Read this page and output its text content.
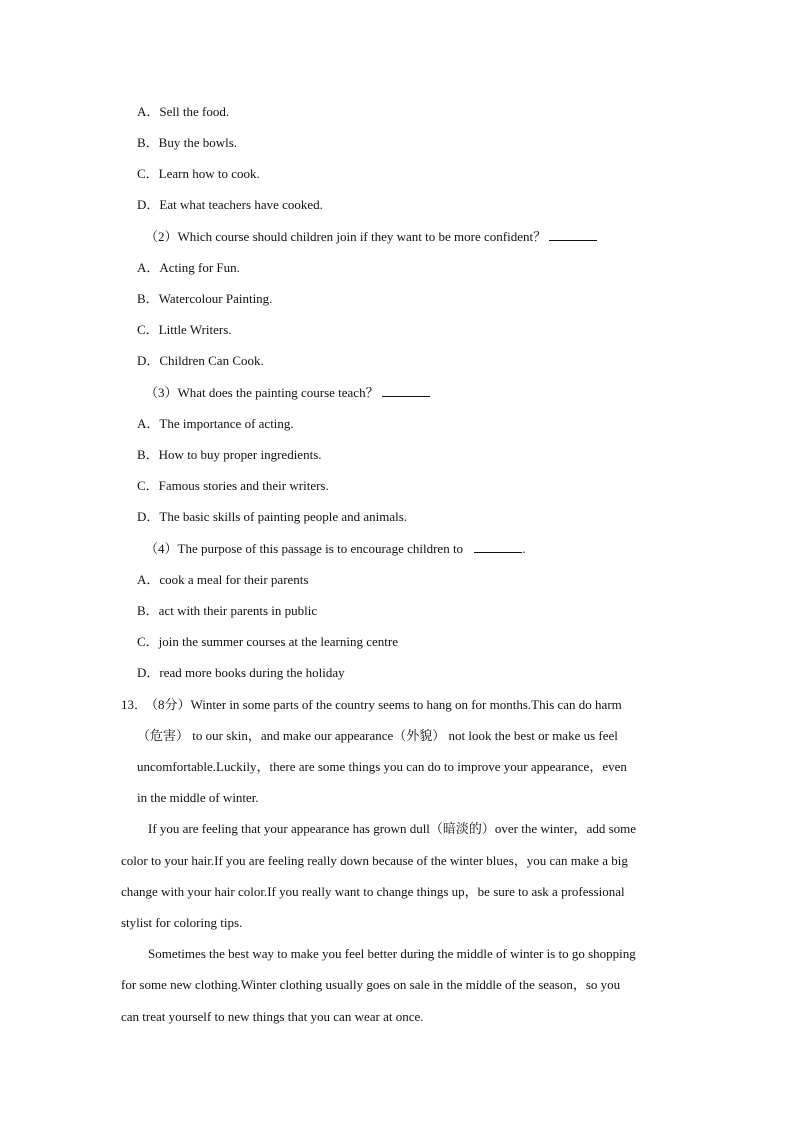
A．Sell the food.
B．Buy the bowls.
C．Learn how to cook.
D．Eat what teachers have cooked.
（2）Which course should children join if they want to be more confident？
A．Acting for Fun.
B．Watercolour Painting.
C．Little Writers.
D．Children Can Cook.
（3）What does the painting course teach？
A．The importance of acting.
B．How to buy proper ingredients.
C．Famous stories and their writers.
D．The basic skills of painting people and animals.
（4）The purpose of this passage is to encourage children to	.
A．cook a meal for their parents
B．act with their parents in public
C．join the summer courses at the learning centre
D．read more books during the holiday
13．
（8分）Winter in some parts of the country seems to hang on for months.This can do harm
（危害） to our skin，and make our appearance（外貌） not look the best or make us feel
uncomfortable.Luckily，there are some things you can do to improve your appearance，even
in the middle of winter.
If you are feeling that your appearance has grown dull（暗淡的）over the winter，add some
color to your hair.If you are feeling really down because of the winter blues，you can make a big
change with your hair color.If you really want to change things up，be sure to ask a professional
stylist for coloring tips.
Sometimes the best way to make you feel better during the middle of winter is to go shopping
for some new clothing.Winter clothing usually goes on sale in the middle of the season，so you
can treat yourself to new things that you can wear at once.
